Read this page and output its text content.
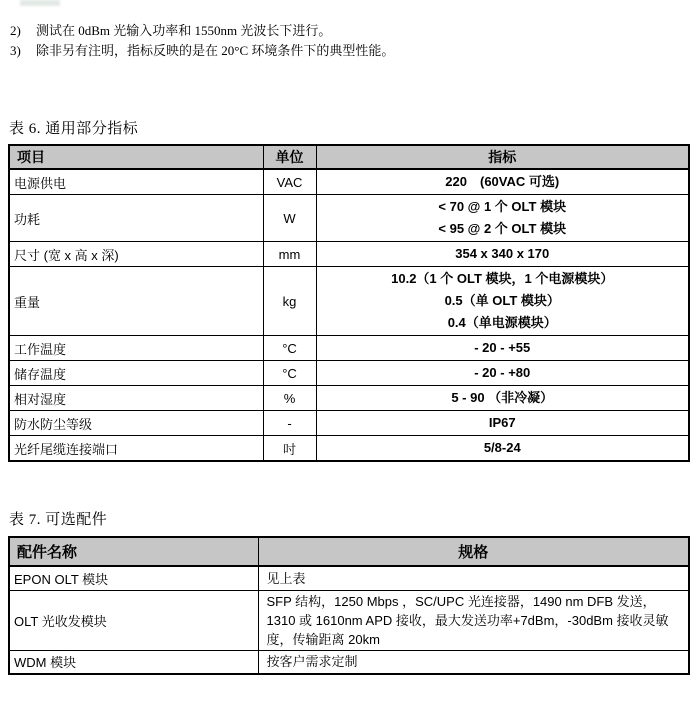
2)	测试在 0dBm 光输入功率和 1550nm 光波长下进行。
3)	除非另有注明，指标反映的是在 20°C 环境条件下的典型性能。
表 6. 通用部分指标
项目	单位	指标
电源供电	VAC	220　(60VAC 可选)

功耗	W	< 70 @ 1 个 OLT 模块
< 95 @ 2 个 OLT 模块

尺寸 (宽 x 高 x 深)	mm	354 x 340 x 170

重量	kg	10.2（1 个 OLT 模块，1 个电源模块）
0.5（单 OLT 模块）
0.4（单电源模块）

工作温度	°C	- 20 - +55

储存温度	°C	- 20 - +80

相对湿度	%	5 - 90 （非冷凝）

防水防尘等级	-	IP67

光纤尾缆连接端口	吋	5/8-24
表 7. 可选配件
配件名称	规格
EPON OLT 模块	见上表
OLT 光收发模块	SFP 结构，1250 Mbps ，SC/UPC 光连接器，1490 nm DFB 发送，1310 或 1610nm APD 接收，最大发送功率+7dBm，-30dBm 接收灵敏度，传输距离 20km
WDM 模块	按客户需求定制
